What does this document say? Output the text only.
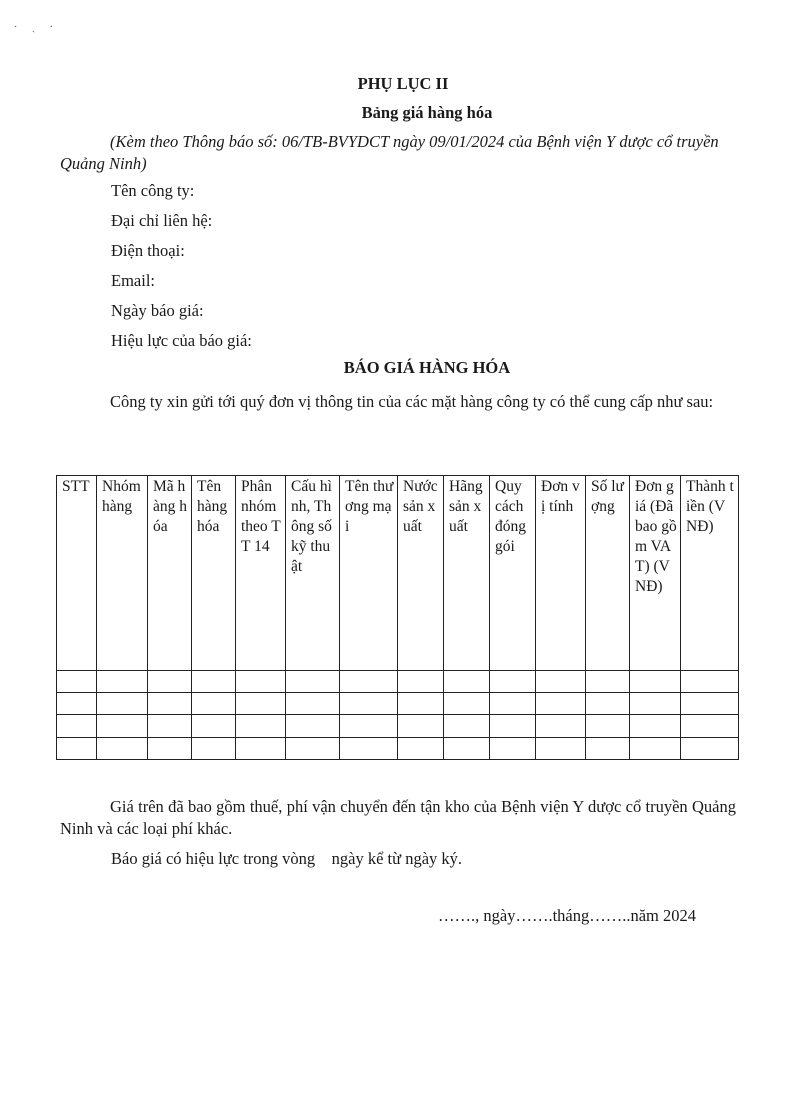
· ˎ ·
PHỤ LỤC II
Bảng giá hàng hóa
(Kèm theo Thông báo số: 06/TB-BVYDCT ngày 09/01/2024 của Bệnh viện Y dược cổ truyền Quảng Ninh)
Tên công ty:
Đại chỉ liên hệ:
Điện thoại:
Email:
Ngày báo giá:
Hiệu lực của báo giá:
BÁO GIÁ HÀNG HÓA
Công ty xin gửi tới quý đơn vị thông tin của các mặt hàng công ty có thể cung cấp như sau:
STT	Nhóm hàng	Mã hàng hóa	Tên hàng hóa	Phân nhóm theo TT 14	Cấu hình, Thông số kỹ thuật	Tên thương mại	Nước sản xuất	Hãng sản xuất	Quy cách đóng gói	Đơn vị tính	Số lượng	Đơn giá (Đã bao gồm VAT) (VNĐ)	Thành tiền (VNĐ)

Giá trên đã bao gồm thuế, phí vận chuyển đến tận kho của Bệnh viện Y dược cổ truyền Quảng Ninh và các loại phí khác.
Báo giá có hiệu lực trong vòng    ngày kể từ ngày ký.
……., ngày…….tháng……..năm 2024
